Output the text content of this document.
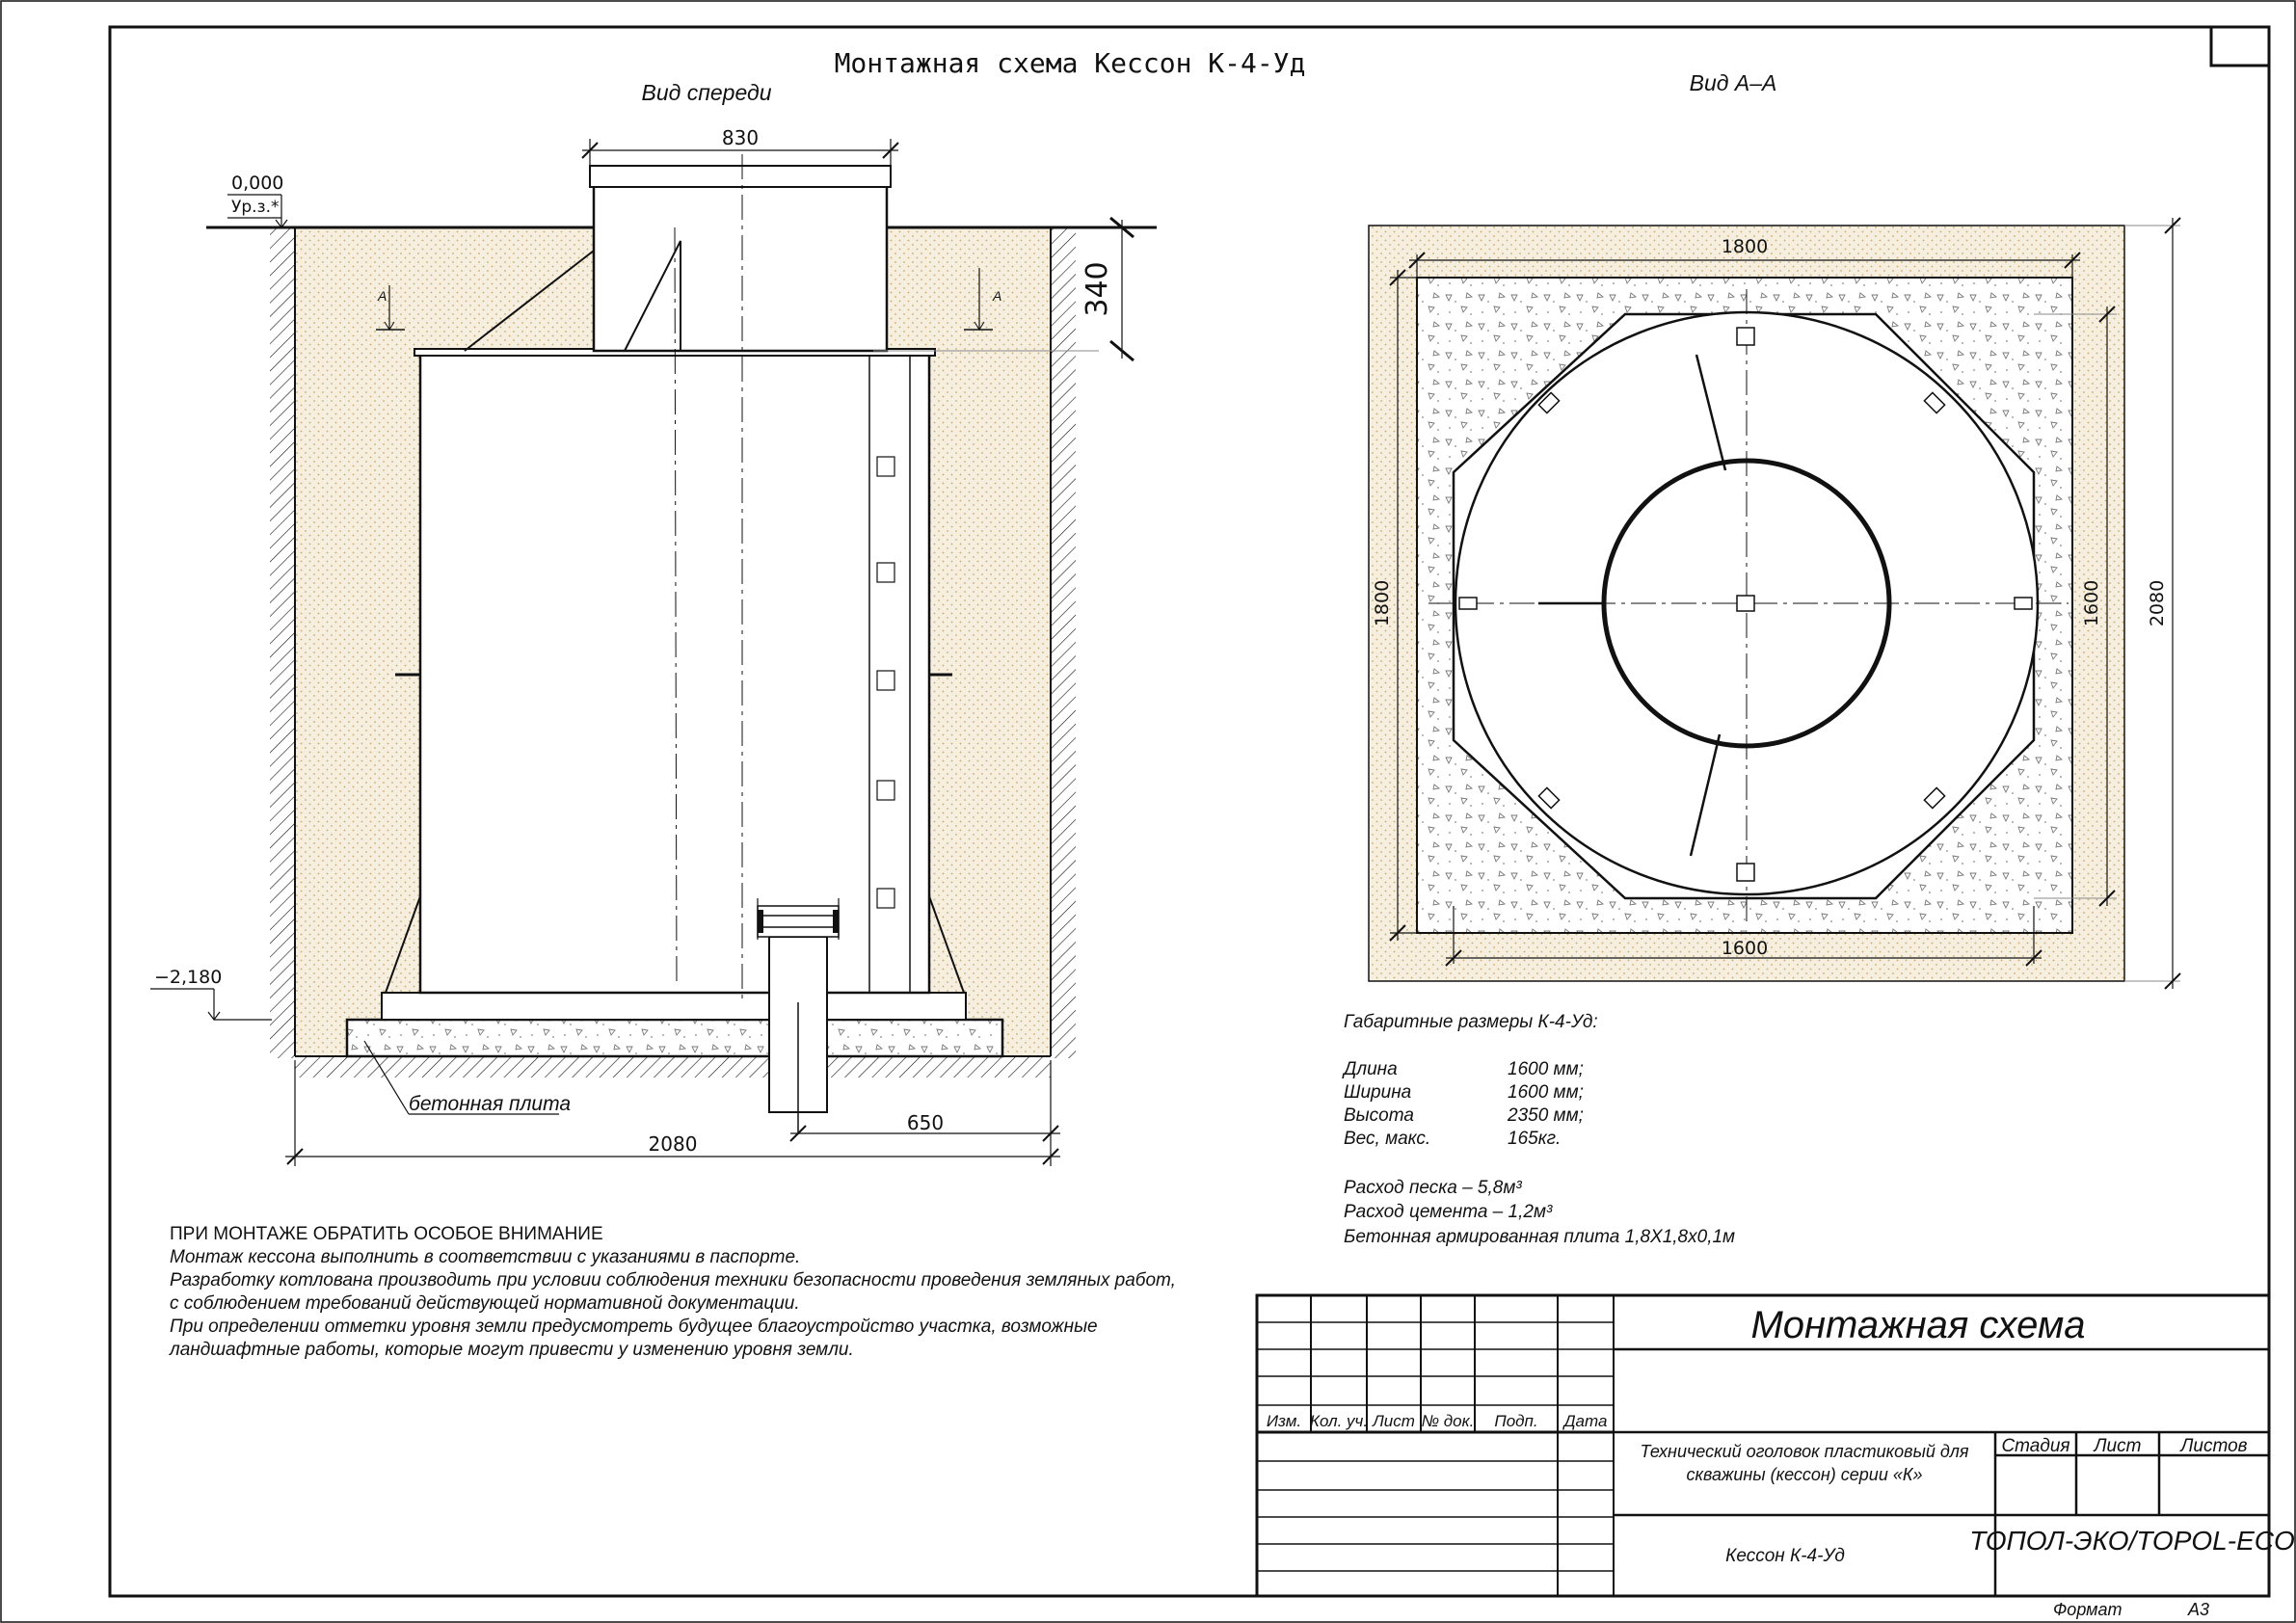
Монтажная схема Кессон К-4-Уд
Вид спереди
830
340
0,000
Ур.з.*
−2,180
A	A
2080
650
бетонная плита
Вид А–А
1800
1600
1800	1600 2080
Габаритные размеры К-4-Уд:
Длина	1600 мм;
Ширина	1600 мм;
Высота	2350 мм;
Вес, макс.	165кг.
Расход песка – 5,8м³
Расход цемента – 1,2м³
Бетонная армированная плита 1,8Х1,8х0,1м
ПРИ МОНТАЖЕ ОБРАТИТЬ ОСОБОЕ ВНИМАНИЕ
Монтаж кессона выполнить в соответствии с указаниями в паспорте.
Разработку котлована производить при условии соблюдения техники безопасности проведения земляных работ,
с соблюдением требований действующей нормативной документации.
При определении отметки уровня земли предусмотреть будущее благоустройство участка, возможные
ландшафтные работы, которые могут привести у изменению уровня земли.
Изм. Кол. уч. Лист № док. Подп. Дата
Монтажная схема
Технический оголовок пластиковый для
скважины (кессон) серии «К»
Стадия Лист Листов
Кессон К-4-Уд
ТОПОЛ-ЭКО/TOPOL-ECO
Формат	А3
